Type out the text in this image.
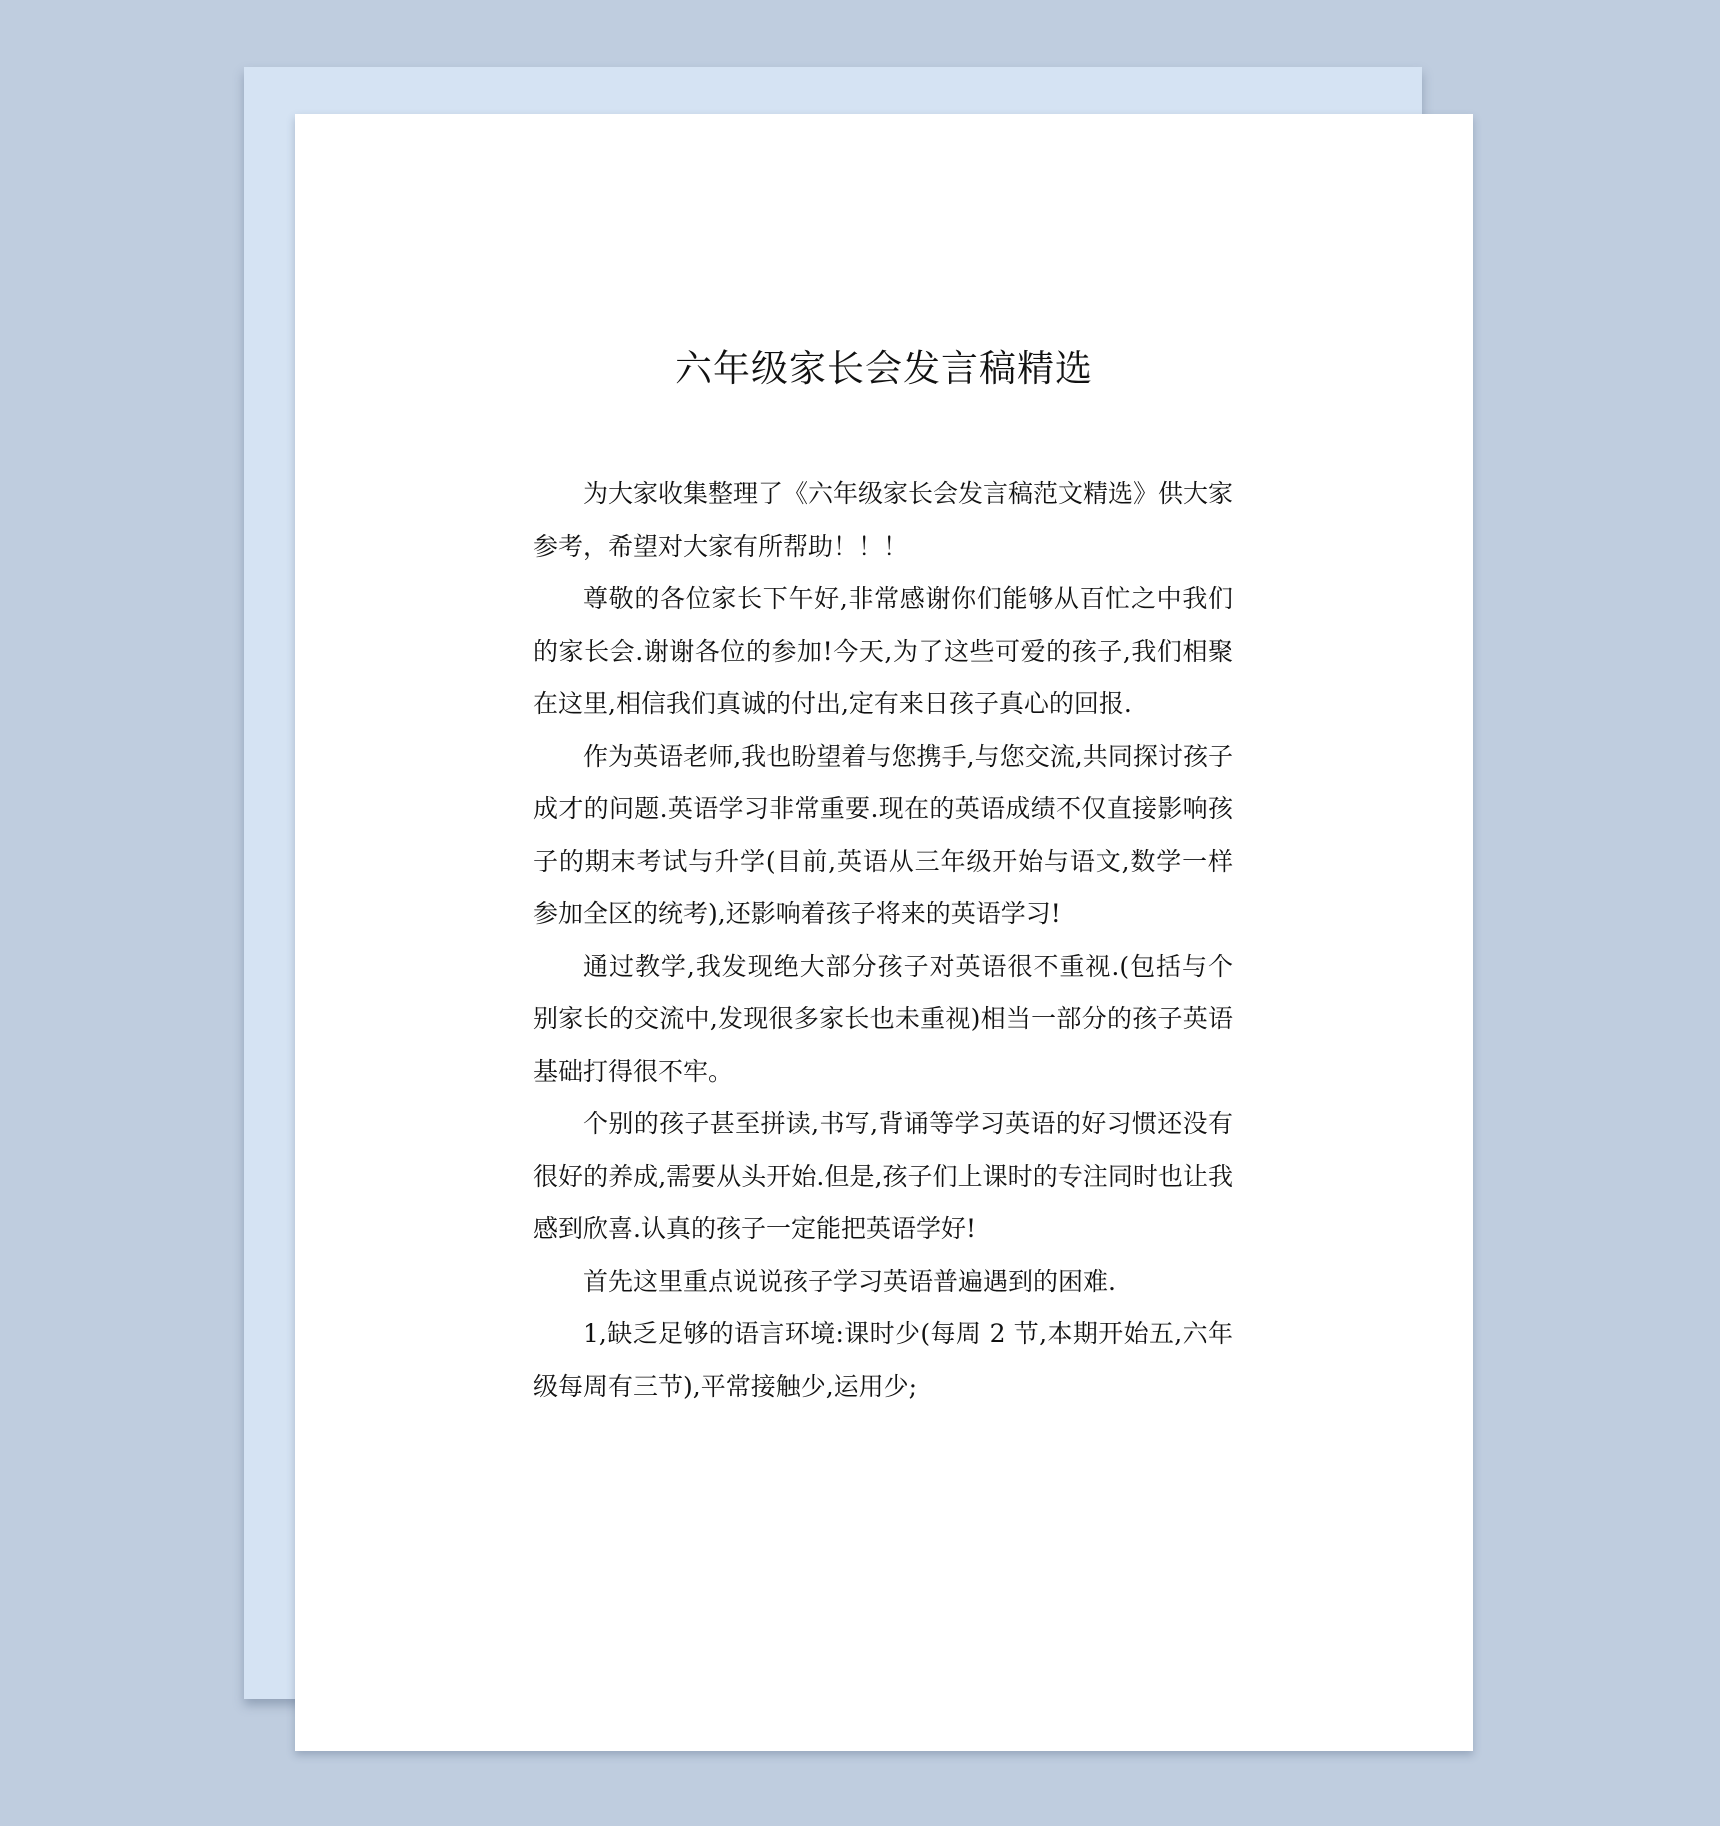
六年级家长会发言稿精选

为大家收集整理了《六年级家长会发言稿范文精选》供大家参考，希望对大家有所帮助！！！

尊敬的各位家长下午好,非常感谢你们能够从百忙之中我们的家长会.谢谢各位的参加!今天,为了这些可爱的孩子,我们相聚在这里,相信我们真诚的付出,定有来日孩子真心的回报.

作为英语老师,我也盼望着与您携手,与您交流,共同探讨孩子成才的问题.英语学习非常重要.现在的英语成绩不仅直接影响孩子的期末考试与升学(目前,英语从三年级开始与语文,数学一样参加全区的统考),还影响着孩子将来的英语学习!

通过教学,我发现绝大部分孩子对英语很不重视.(包括与个别家长的交流中,发现很多家长也未重视)相当一部分的孩子英语基础打得很不牢。

个别的孩子甚至拼读,书写,背诵等学习英语的好习惯还没有很好的养成,需要从头开始.但是,孩子们上课时的专注同时也让我感到欣喜.认真的孩子一定能把英语学好!

首先这里重点说说孩子学习英语普遍遇到的困难.

1,缺乏足够的语言环境:课时少(每周 2 节,本期开始五,六年级每周有三节),平常接触少,运用少;
